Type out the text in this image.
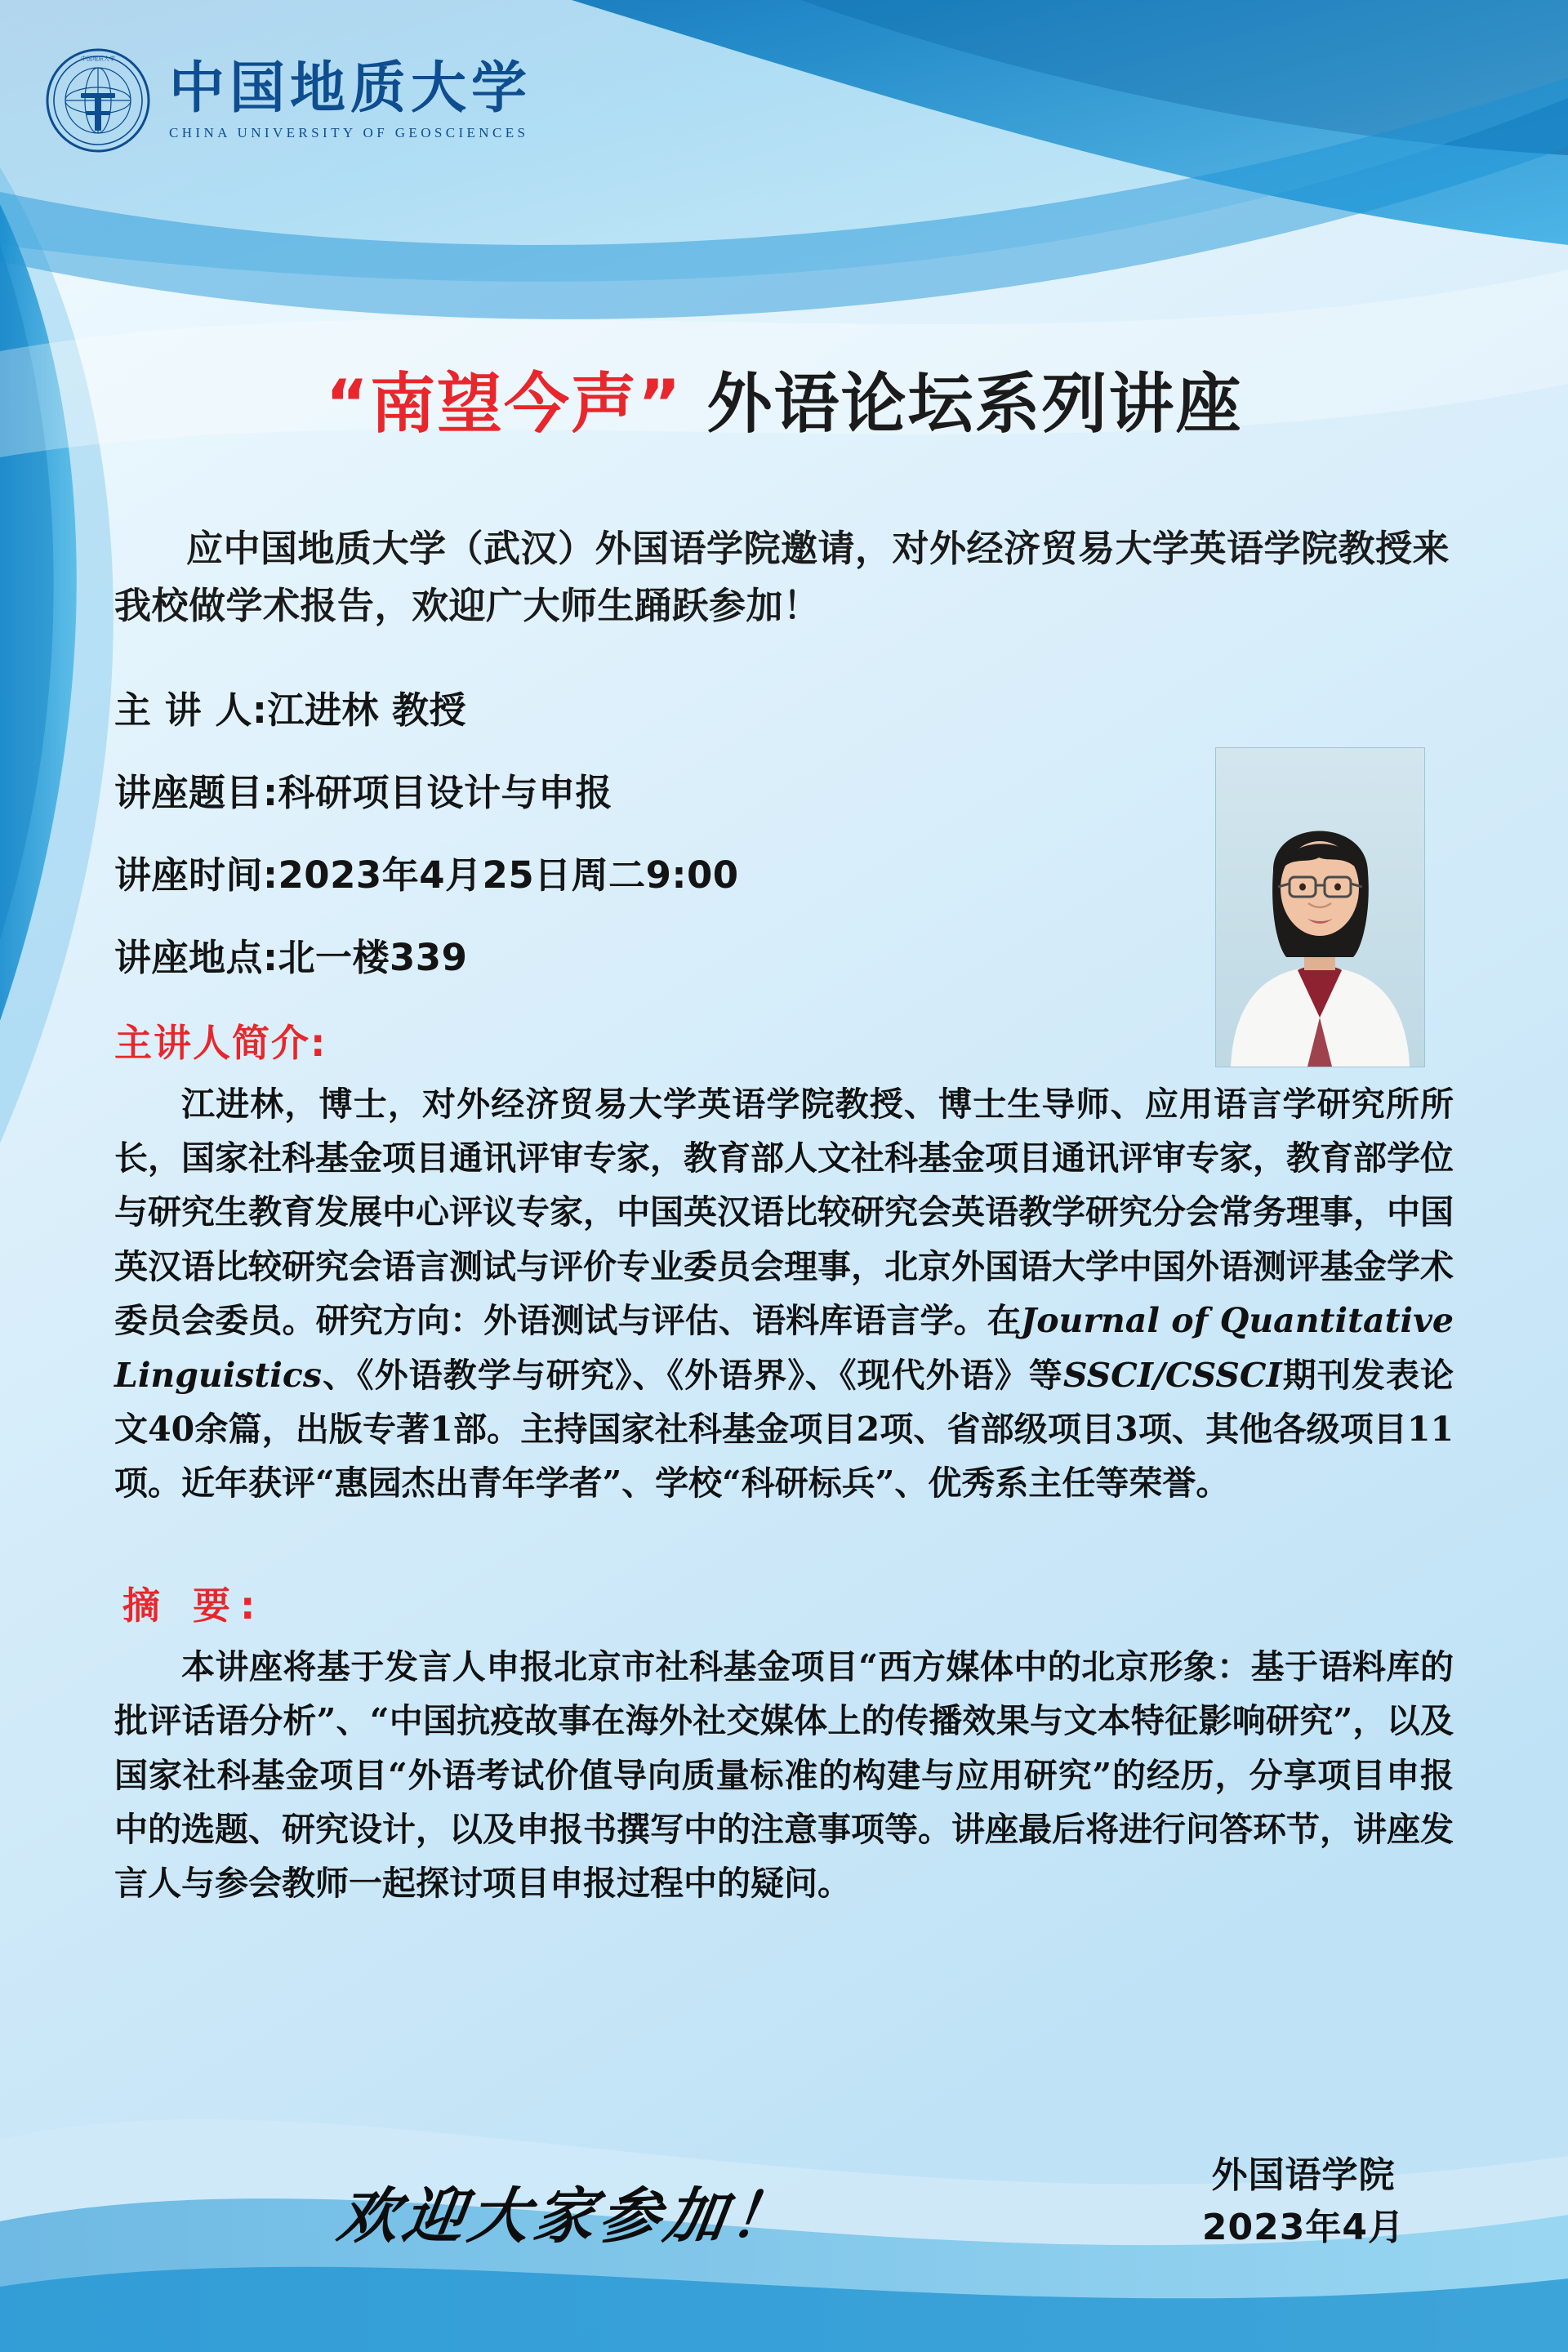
中国地质大学 中国地质大学
CHINA UNIVERSITY OF GEOSCIENCES
“南望今声” 外语论坛系列讲座
应中国地质大学（武汉）外国语学院邀请，对外经济贸易大学英语学院教授来我校做学术报告，欢迎广大师生踊跃参加！
主 讲 人:江进林 教授
讲座题目:科研项目设计与申报
讲座时间:2023年4月25日周二9:00
讲座地点:北一楼339
主讲人简介:
江进林，博士，对外经济贸易大学英语学院教授、博士生导师、应用语言学研究所所长，国家社科基金项目通讯评审专家，教育部人文社科基金项目通讯评审专家，教育部学位与研究生教育发展中心评议专家，中国英汉语比较研究会英语教学研究分会常务理事，中国英汉语比较研究会语言测试与评价专业委员会理事，北京外国语大学中国外语测评基金学术委员会委员。研究方向：外语测试与评估、语料库语言学。在Journal of Quantitative Linguistics、《外语教学与研究》、《外语界》、《现代外语》等SSCI/CSSCI期刊发表论文40余篇，出版专著1部。主持国家社科基金项目2项、省部级项目3项、其他各级项目11项。近年获评“惠园杰出青年学者”、学校“科研标兵”、优秀系主任等荣誉。
摘 要:
本讲座将基于发言人申报北京市社科基金项目“西方媒体中的北京形象：基于语料库的批评话语分析”、“中国抗疫故事在海外社交媒体上的传播效果与文本特征影响研究”，以及国家社科基金项目“外语考试价值导向质量标准的构建与应用研究”的经历，分享项目申报中的选题、研究设计，以及申报书撰写中的注意事项等。讲座最后将进行问答环节，讲座发言人与参会教师一起探讨项目申报过程中的疑问。
欢迎大家参加！
外国语学院
2023年4月
